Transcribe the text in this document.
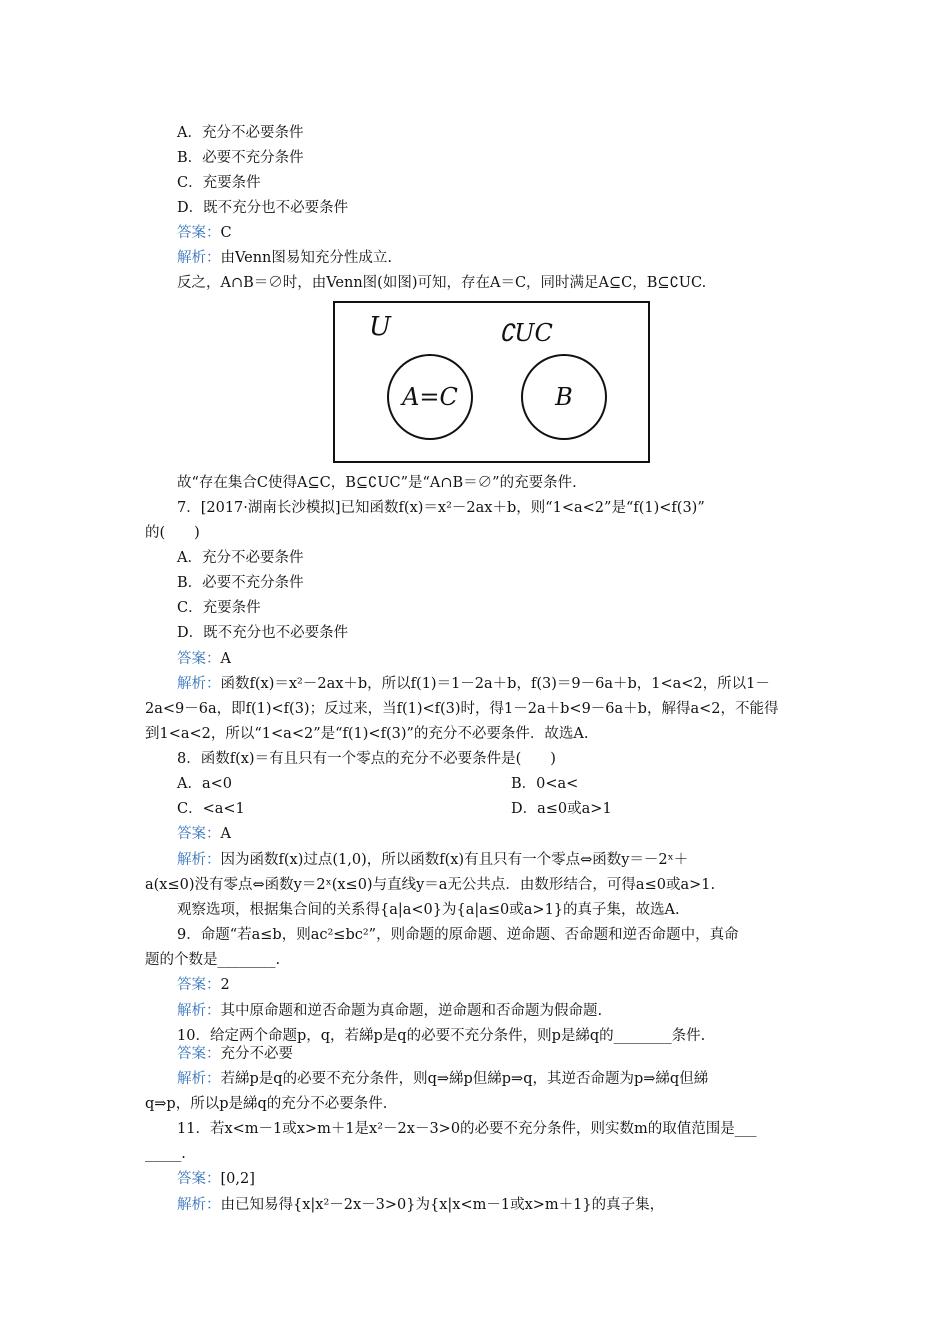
A．充分不必要条件
B．必要不充分条件
C．充要条件
D．既不充分也不必要条件
答案：C
解析：由Venn图易知充分性成立.
反之，A∩B＝∅时，由Venn图(如图)可知，存在A＝C，同时满足A⊆C，B⊆∁UC.
U	∁UC
A=C	B
故“存在集合C使得A⊆C，B⊆∁UC”是“A∩B＝∅”的充要条件.
7．[2017·湖南长沙模拟]已知函数f(x)＝x²－2ax＋b，则“1<a<2”是“f(1)<f(3)”
的(　　)
A．充分不必要条件
B．必要不充分条件
C．充要条件
D．既不充分也不必要条件
答案：A
解析：函数f(x)＝x²－2ax＋b，所以f(1)＝1－2a＋b，f(3)＝9－6a＋b，1<a<2，所以1－
2a<9－6a，即f(1)<f(3)；反过来，当f(1)<f(3)时，得1－2a＋b<9－6a＋b，解得a<2，不能得
到1<a<2，所以“1<a<2”是“f(1)<f(3)”的充分不必要条件．故选A.
8．函数f(x)＝有且只有一个零点的充分不必要条件是(　　)
A．a<0	B．0<a<
C．<a<1	D．a≤0或a>1
答案：A
解析：因为函数f(x)过点(1,0)，所以函数f(x)有且只有一个零点⇔函数y＝－2ˣ＋
a(x≤0)没有零点⇔函数y＝2ˣ(x≤0)与直线y＝a无公共点．由数形结合，可得a≤0或a>1.
观察选项，根据集合间的关系得{a|a<0}为{a|a≤0或a>1}的真子集，故选A.
9．命题“若a≤b，则ac²≤bc²”，则命题的原命题、逆命题、否命题和逆否命题中，真命
题的个数是________.
答案：2
解析：其中原命题和逆否命题为真命题，逆命题和否命题为假命题.
10．给定两个命题p，q，若綈p是q的必要不充分条件，则p是綈q的________条件.
答案：充分不必要
解析：若綈p是q的必要不充分条件，则q⇒綈p但綈p⇒q，其逆否命题为p⇒綈q但綈
q⇒p，所以p是綈q的充分不必要条件.
11．若x<m－1或x>m＋1是x²－2x－3>0的必要不充分条件，则实数m的取值范围是___
_____.
答案：[0,2]
解析：由已知易得{x|x²－2x－3>0}为{x|x<m－1或x>m＋1}的真子集，
